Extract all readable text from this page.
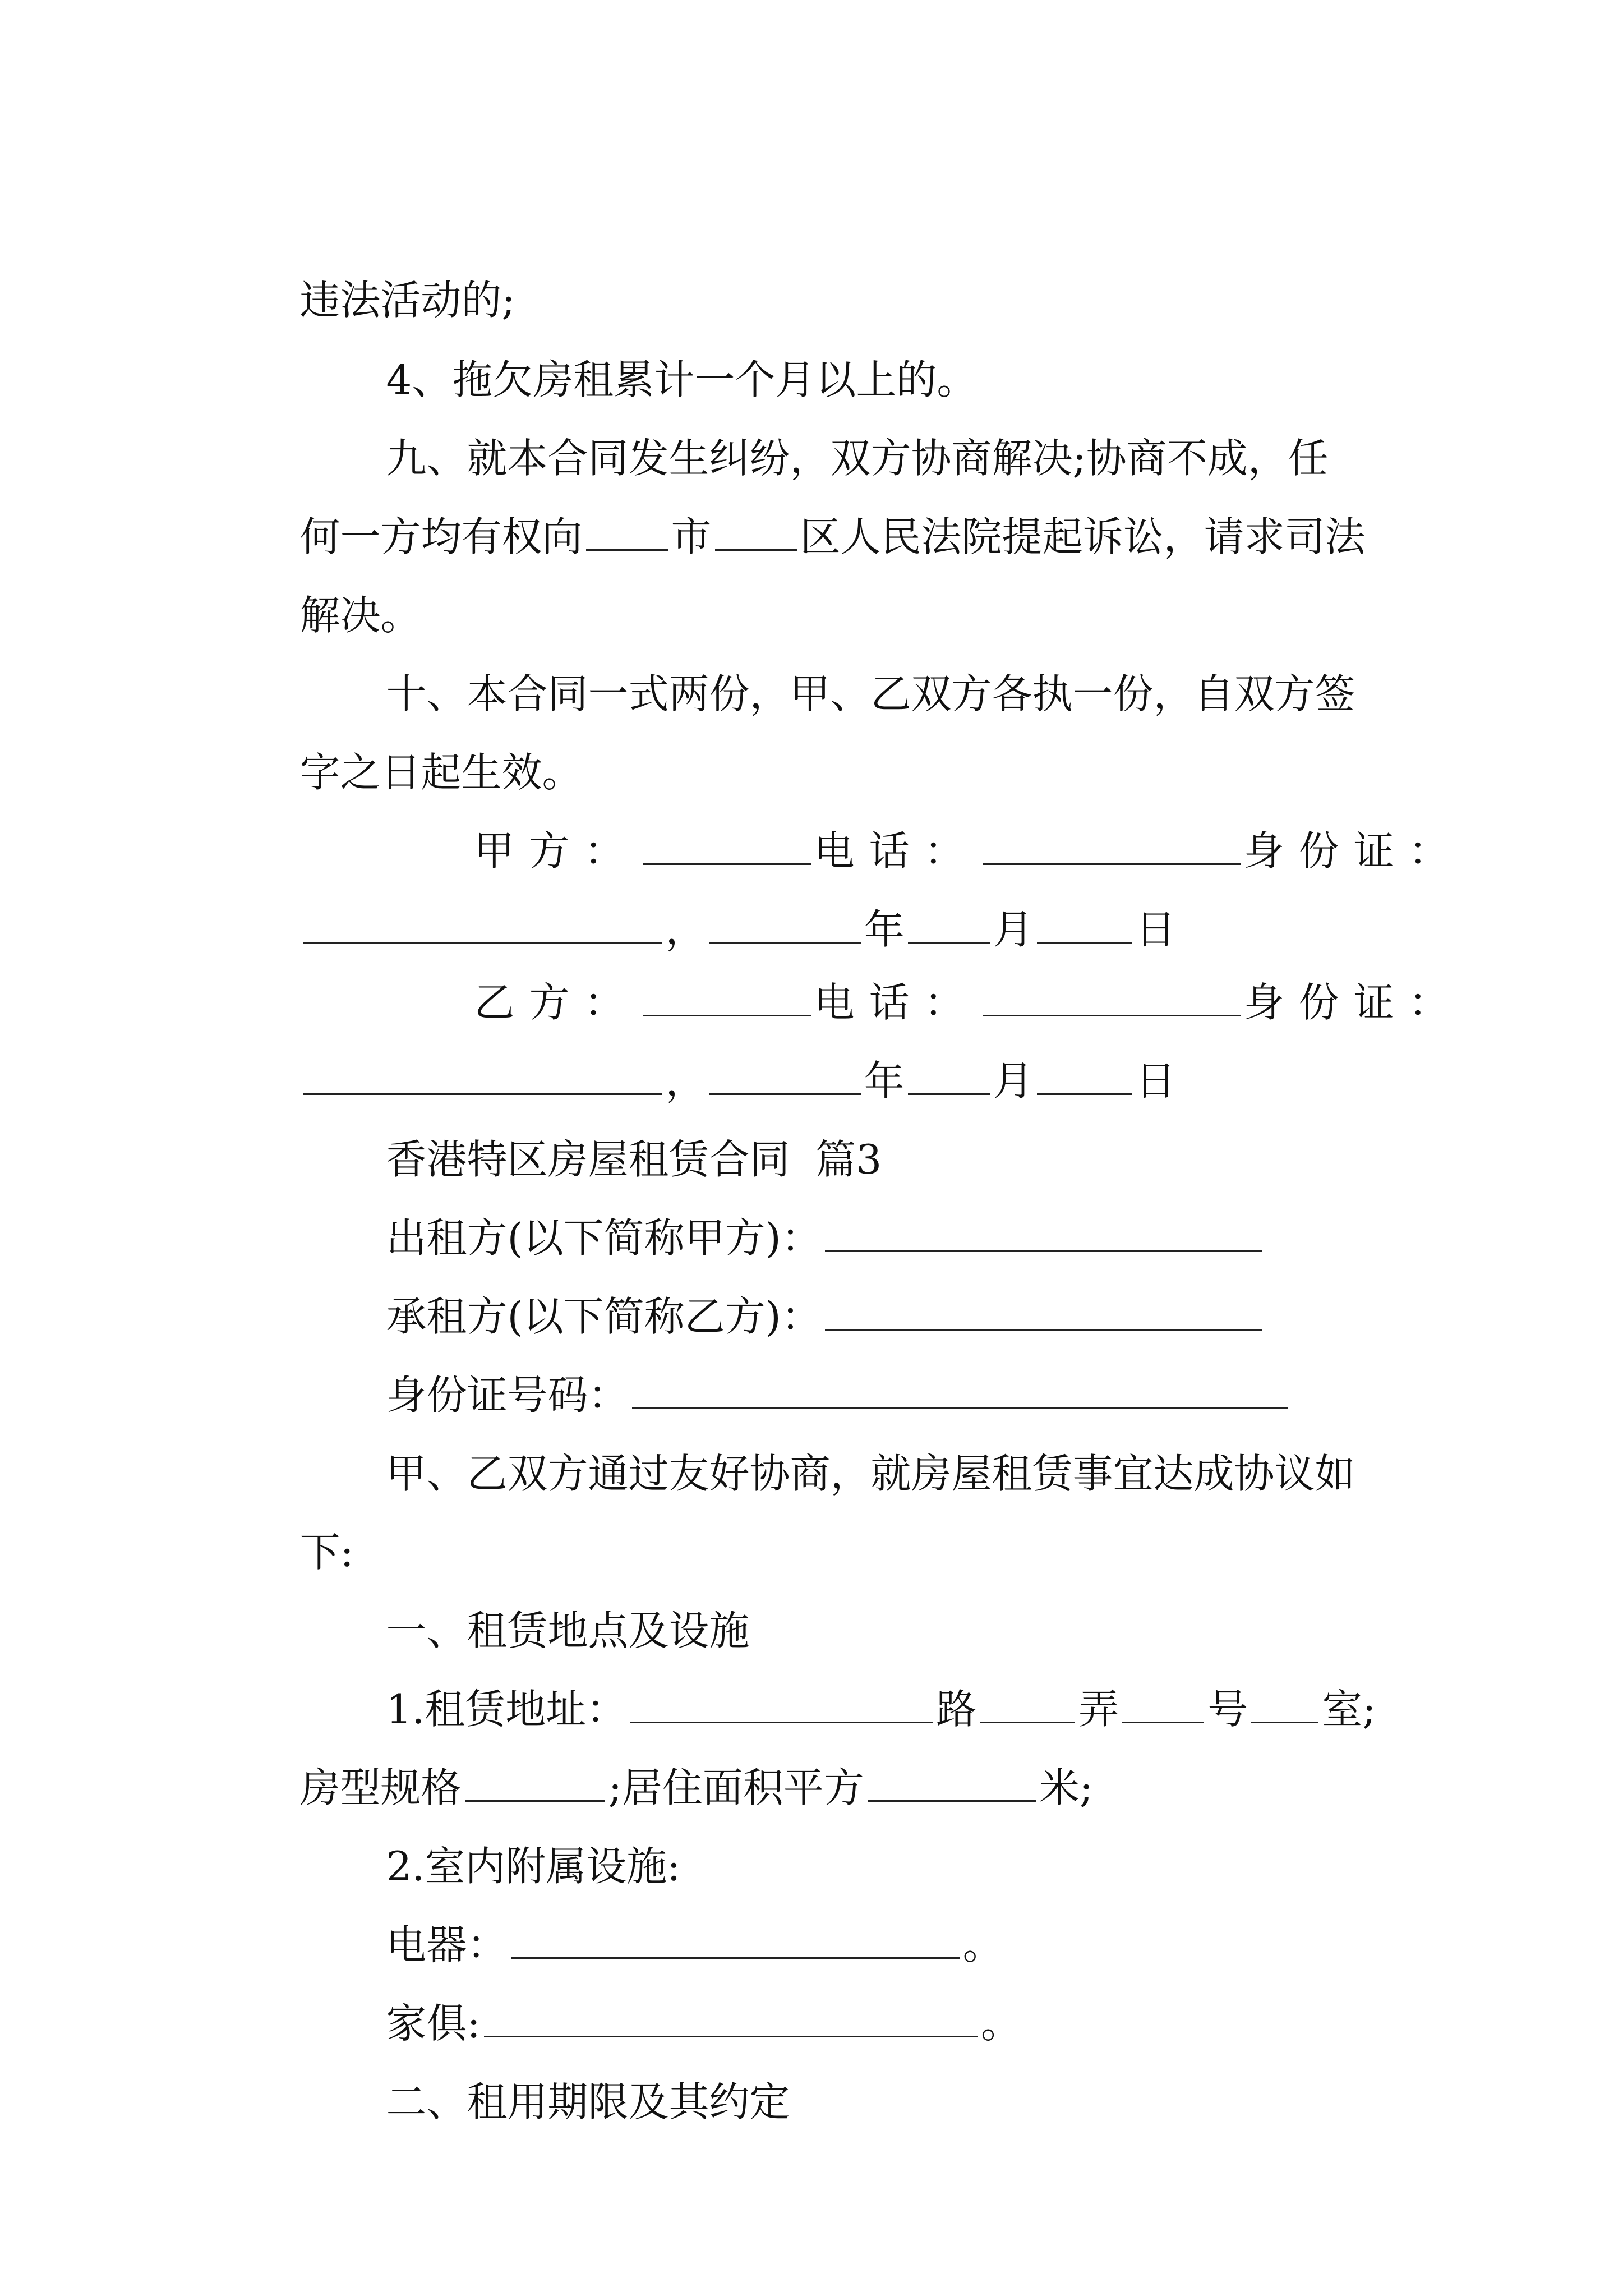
违法活动的;

4、拖欠房租累计一个月以上的。

九、就本合同发生纠纷，双方协商解决;协商不成，任

何一方均有权向 市 区人民法院提起诉讼，请求司法

解决。

十、本合同一式两份，甲、乙双方各执一份，自双方签

字之日起生效。

甲方：	电话：	身份证：

，	年 月	日

乙方：	电话：	身份证：

，	年 月	日

香港特区房屋租赁合同  篇3

出租方(以下简称甲方)：

承租方(以下简称乙方)：

身份证号码：

甲、乙双方通过友好协商，就房屋租赁事宜达成协议如

下:

一、租赁地点及设施

1.租赁地址：	路	弄 号 室;

房型规格	;居住面积平方	米;

2.室内附属设施:

电器：	。

家俱:	。

二、租用期限及其约定
